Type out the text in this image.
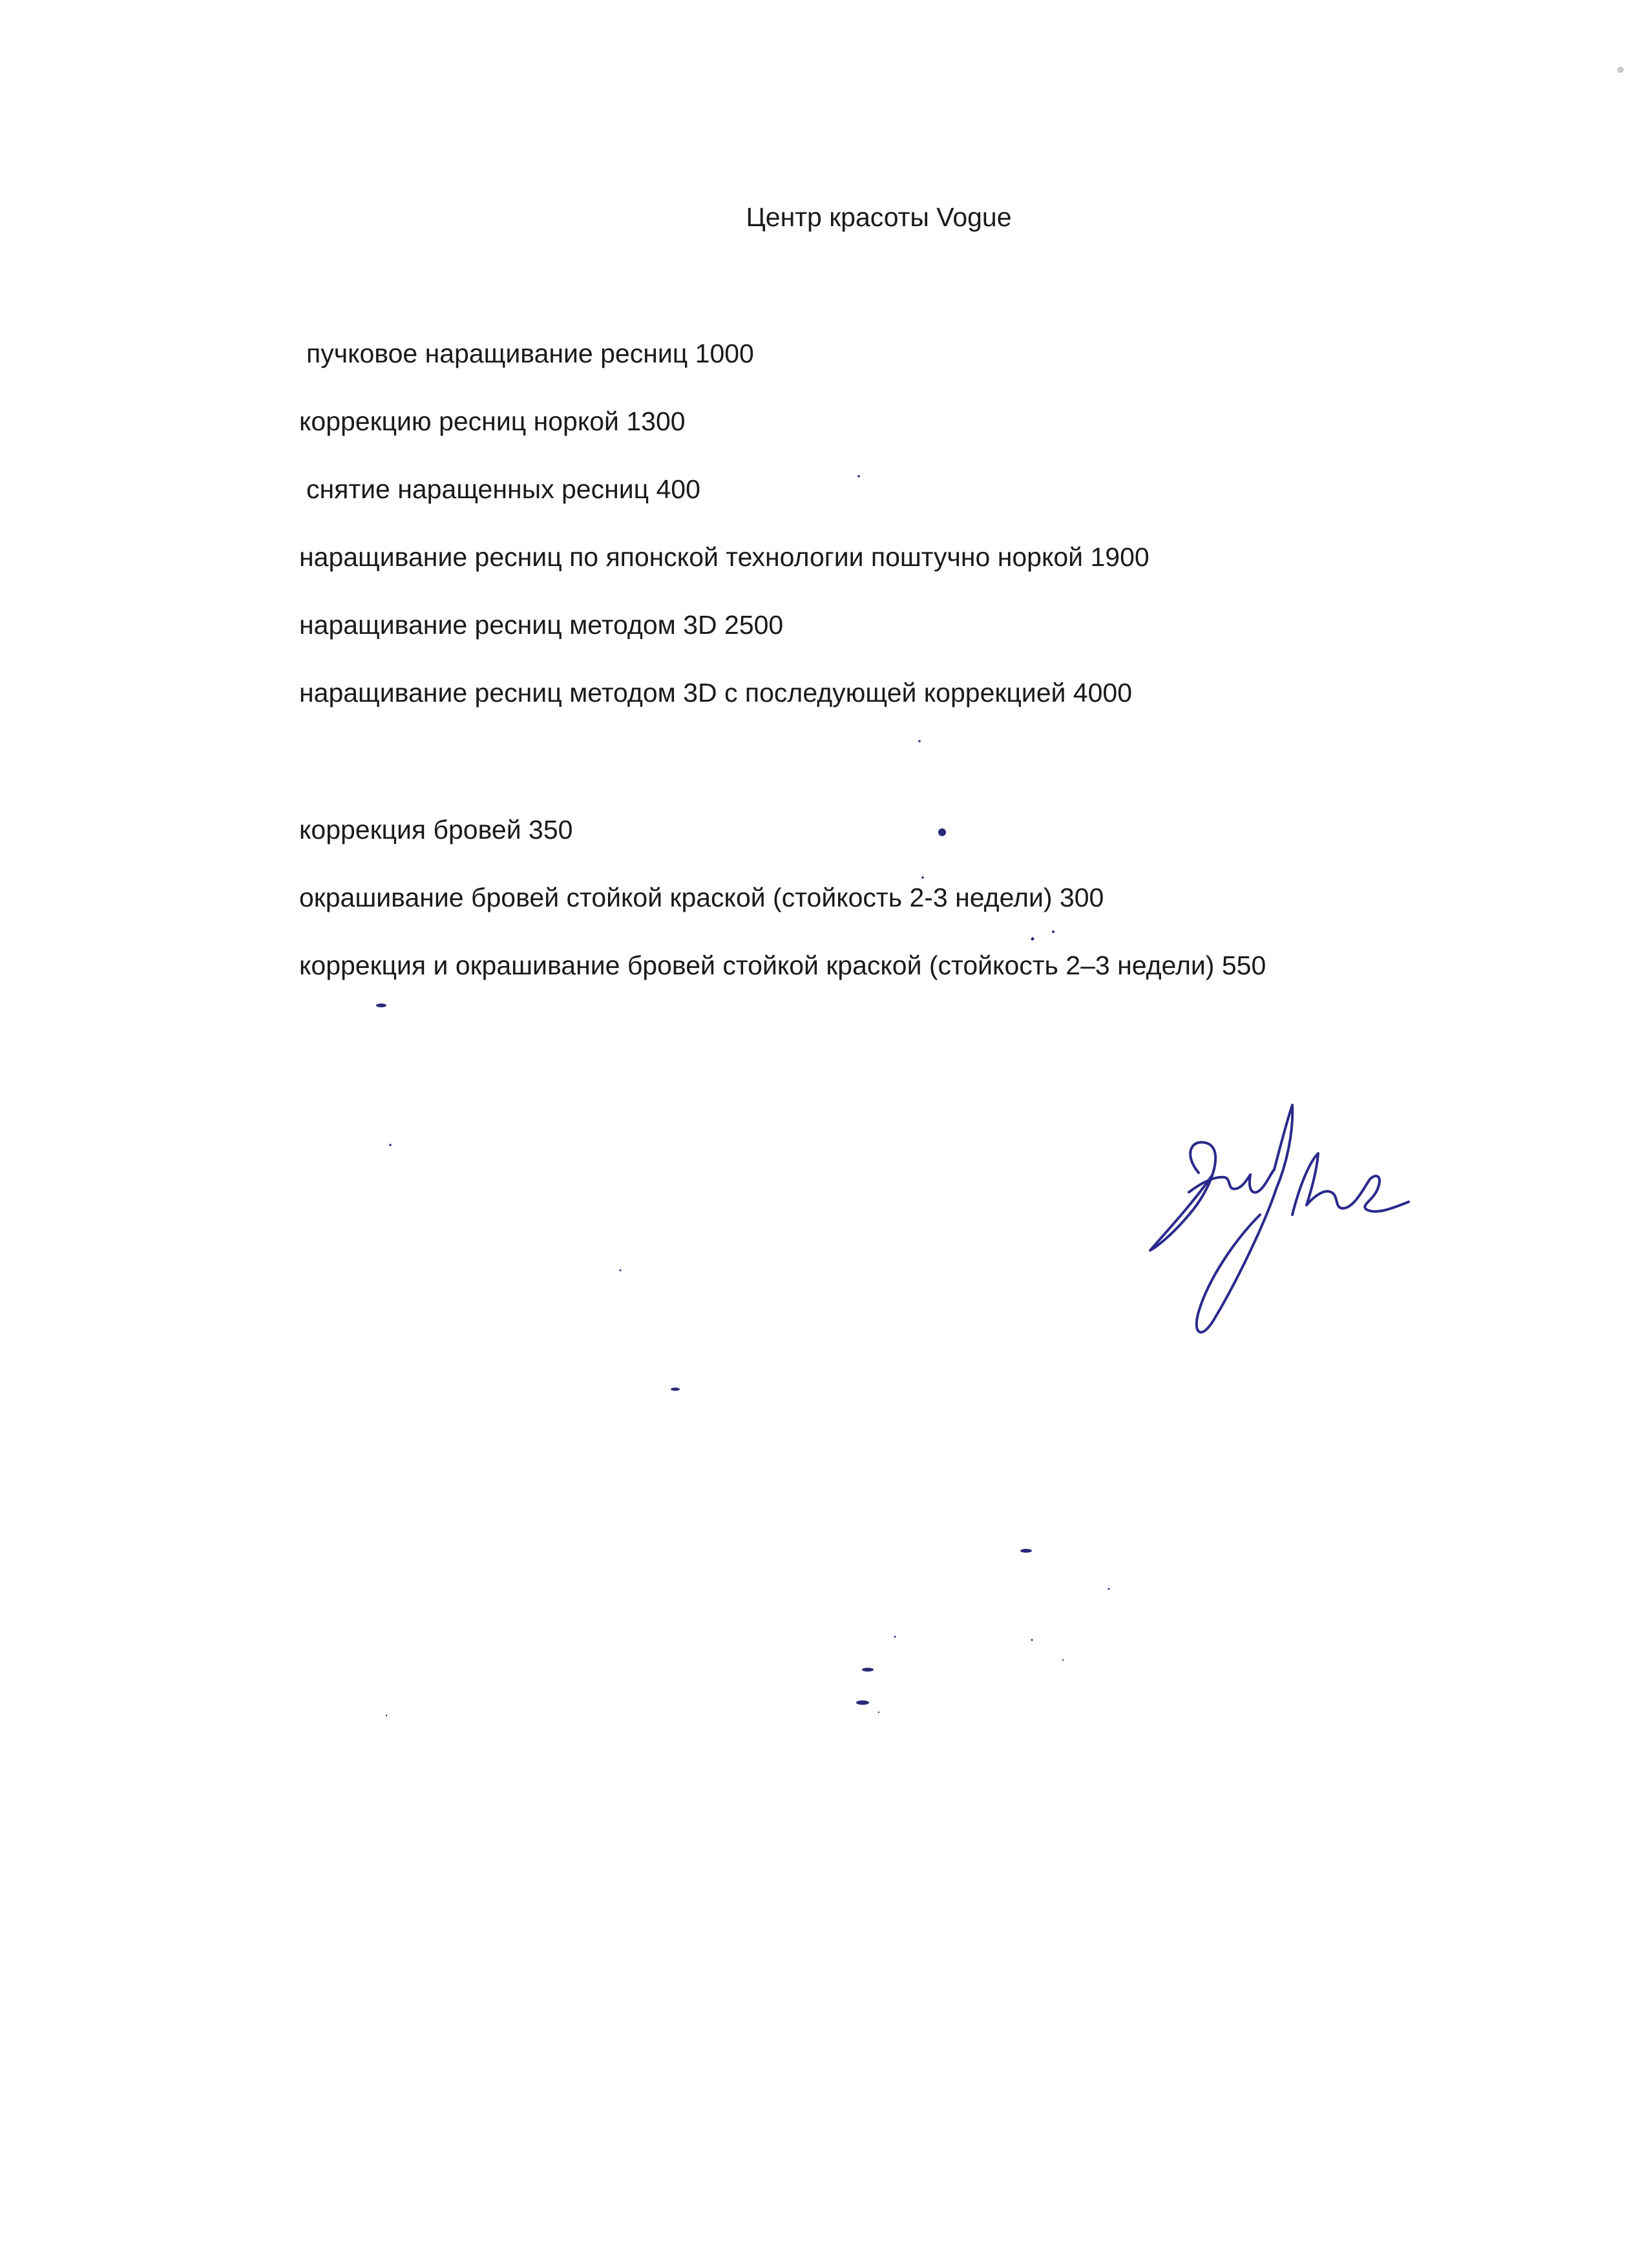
Центр красоты Vogue
пучковое наращивание ресниц 1000
коррекцию ресниц норкой 1300
снятие наращенных ресниц 400
наращивание ресниц по японской технологии поштучно норкой 1900
наращивание ресниц методом 3D 2500
наращивание ресниц методом 3D с последующей коррекцией 4000
коррекция бровей 350
окрашивание бровей стойкой краской (стойкость 2-3 недели) 300
коррекция и окрашивание бровей стойкой краской (стойкость 2–3 недели) 550
